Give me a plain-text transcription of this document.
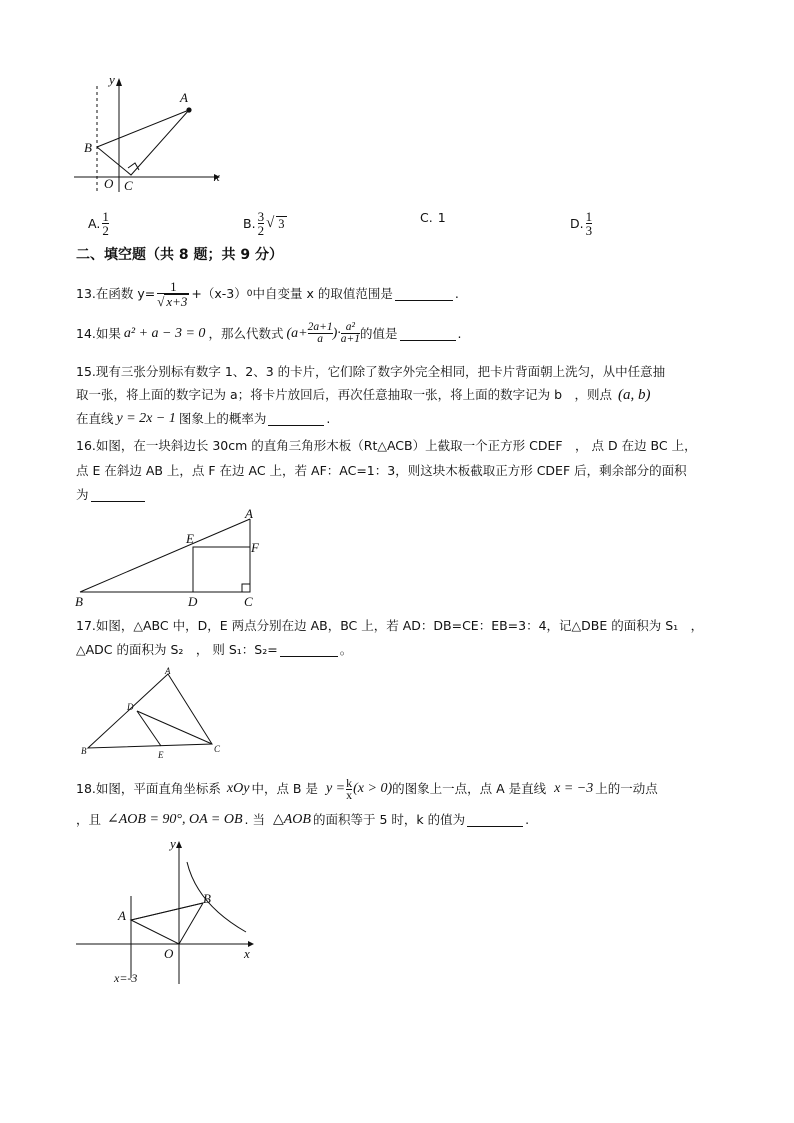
y
x
A
B
O C
A. $\frac{1}{2}$	B. $\frac{3}{2}$ √ 3	C. 1	D. $\frac{1}{3}$
二、填空题（共 8 题；共 9 分）
13.在函数 $y= \frac{1}{√ x+3} +(x-3)$ 0 中自变量 x 的取值范围是	.
14.如果 a² + a − 3 = 0 ，那么代数式 ($a+ \frac{2a+1}{a}$ )· $\frac{\text{a²}}{a+1}$ 的值是	.
15.现有三张分别标有数字 1、2、3 的卡片，它们除了数字外完全相同，把卡片背面朝上洗匀，从中任意抽
取一张，将上面的数字记为 a；将卡片放回后，再次任意抽取一张，将上面的数字记为 b　，则点 (a, b)
在直线 y = 2x − 1 图象上的概率为	.
16.如图，在一块斜边长 30cm 的直角三角形木板（Rt△ACB）上截取一个正方形 CDEF　， 点 D 在边 BC 上，
点 E 在斜边 AB 上，点 F 在边 AC 上，若 AF：AC=1：3，则这块木板截取正方形 CDEF 后，剩余部分的面积
为
A
E
F
B	D	C
17.如图，△ABC 中，D，E 两点分别在边 AB，BC 上，若 AD：DB=CE：EB=3：4，记△DBE 的面积为 S₁　，
△ADC 的面积为 S₂　， 则 S₁：S₂=	。
A
D
B	E
C
18.如图，平面直角坐标系 xOy 中，点 B 是 $y = \frac{k}{x} (x > 0)$ 的图象上一点，点 A 是直线 x = −3 上的一动点
，且 ∠AOB = 90°, OA = OB . 当 △AOB 的面积等于 5 时，k 的值为	.
y
x
A
B
O
x=-3
